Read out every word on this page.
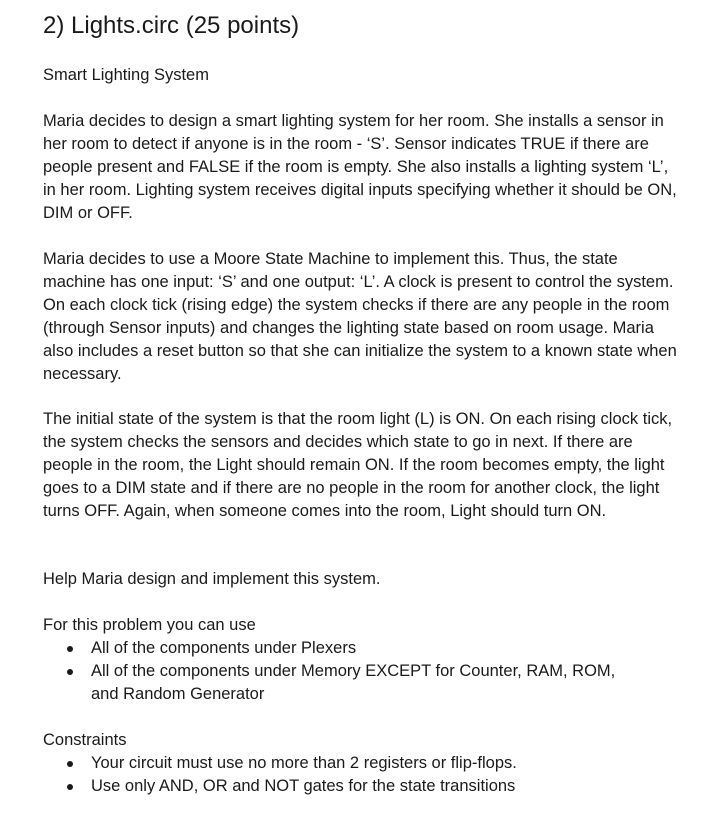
2) Lights.circ (25 points)

Smart Lighting System

Maria decides to design a smart lighting system for her room. She installs a sensor in her room to detect if anyone is in the room - ‘S’. Sensor indicates TRUE if there are people present and FALSE if the room is empty. She also installs a lighting system ‘L’, in her room. Lighting system receives digital inputs specifying whether it should be ON, DIM or OFF.

Maria decides to use a Moore State Machine to implement this. Thus, the state machine has one input: ‘S’ and one output: ‘L’. A clock is present to control the system. On each clock tick (rising edge) the system checks if there are any people in the room (through Sensor inputs) and changes the lighting state based on room usage. Maria also includes a reset button so that she can initialize the system to a known state when necessary.

The initial state of the system is that the room light (L) is ON. On each rising clock tick, the system checks the sensors and decides which state to go in next. If there are people in the room, the Light should remain ON. If the room becomes empty, the light goes to a DIM state and if there are no people in the room for another clock, the light turns OFF. Again, when someone comes into the room, Light should turn ON.

Help Maria design and implement this system.

For this problem you can use

All of the components under Plexers
All of the components under Memory EXCEPT for Counter, RAM, ROM, and Random Generator

Constraints

Your circuit must use no more than 2 registers or flip-flops.
Use only AND, OR and NOT gates for the state transitions
